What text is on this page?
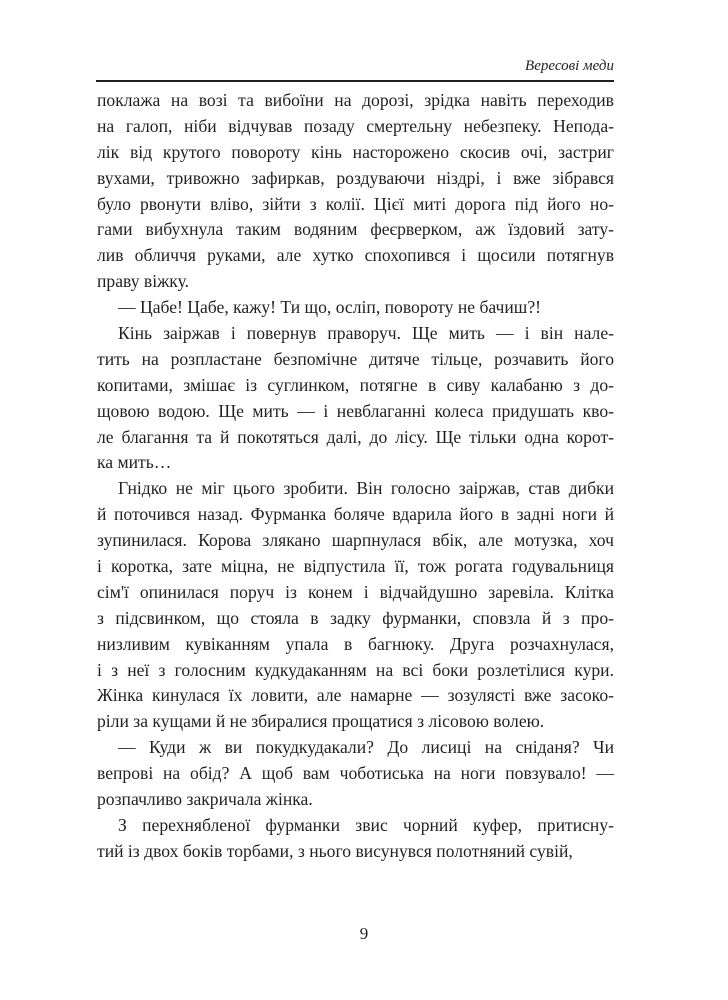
Вересові меди
поклажа на возі та вибоїни на дорозі, зрідка навіть переходив
на галоп, ніби відчував позаду смертельну небезпеку. Непода-
лік від крутого повороту кінь насторожено скосив очі, застриг
вухами, тривожно зафиркав, роздуваючи ніздрі, і вже зібрався
було рвонути вліво, зійти з колії. Цієї миті дорога під його но-
гами вибухнула таким водяним феєрверком, аж їздовий зату-
лив обличчя руками, але хутко спохопився і щосили потягнув
праву віжку.
— Цабе! Цабе, кажу! Ти що, осліп, повороту не бачиш?!
Кінь заіржав і повернув праворуч. Ще мить — і він нале-
тить на розпластане безпомічне дитяче тільце, розчавить його
копитами, змішає із суглинком, потягне в сиву калабаню з до-
щовою водою. Ще мить — і невблаганні колеса придушать кво-
ле благання та й покотяться далі, до лісу. Ще тільки одна корот-
ка мить…
Гнідко не міг цього зробити. Він голосно заіржав, став дибки
й поточився назад. Фурманка боляче вдарила його в задні ноги й
зупинилася. Корова злякано шарпнулася вбік, але мотузка, хоч
і коротка, зате міцна, не відпустила її, тож рогата годувальниця
сім'ї опинилася поруч із конем і відчайдушно заревіла. Клітка
з підсвинком, що стояла в задку фурманки, сповзла й з про-
низливим кувіканням упала в багнюку. Друга розчахнулася,
і з неї з голосним кудкудаканням на всі боки розлетілися кури.
Жінка кинулася їх ловити, але намарне — зозулясті вже засоко-
ріли за кущами й не збиралися прощатися з лісовою волею.
— Куди ж ви покудкудакали? До лисиці на сніданя? Чи
вепрові на обід? А щоб вам чоботиська на ноги повзувало! —
розпачливо закричала жінка.
З перехнябленої фурманки звис чорний куфер, притисну-
тий із двох боків торбами, з нього висунувся полотняний сувій,
9
